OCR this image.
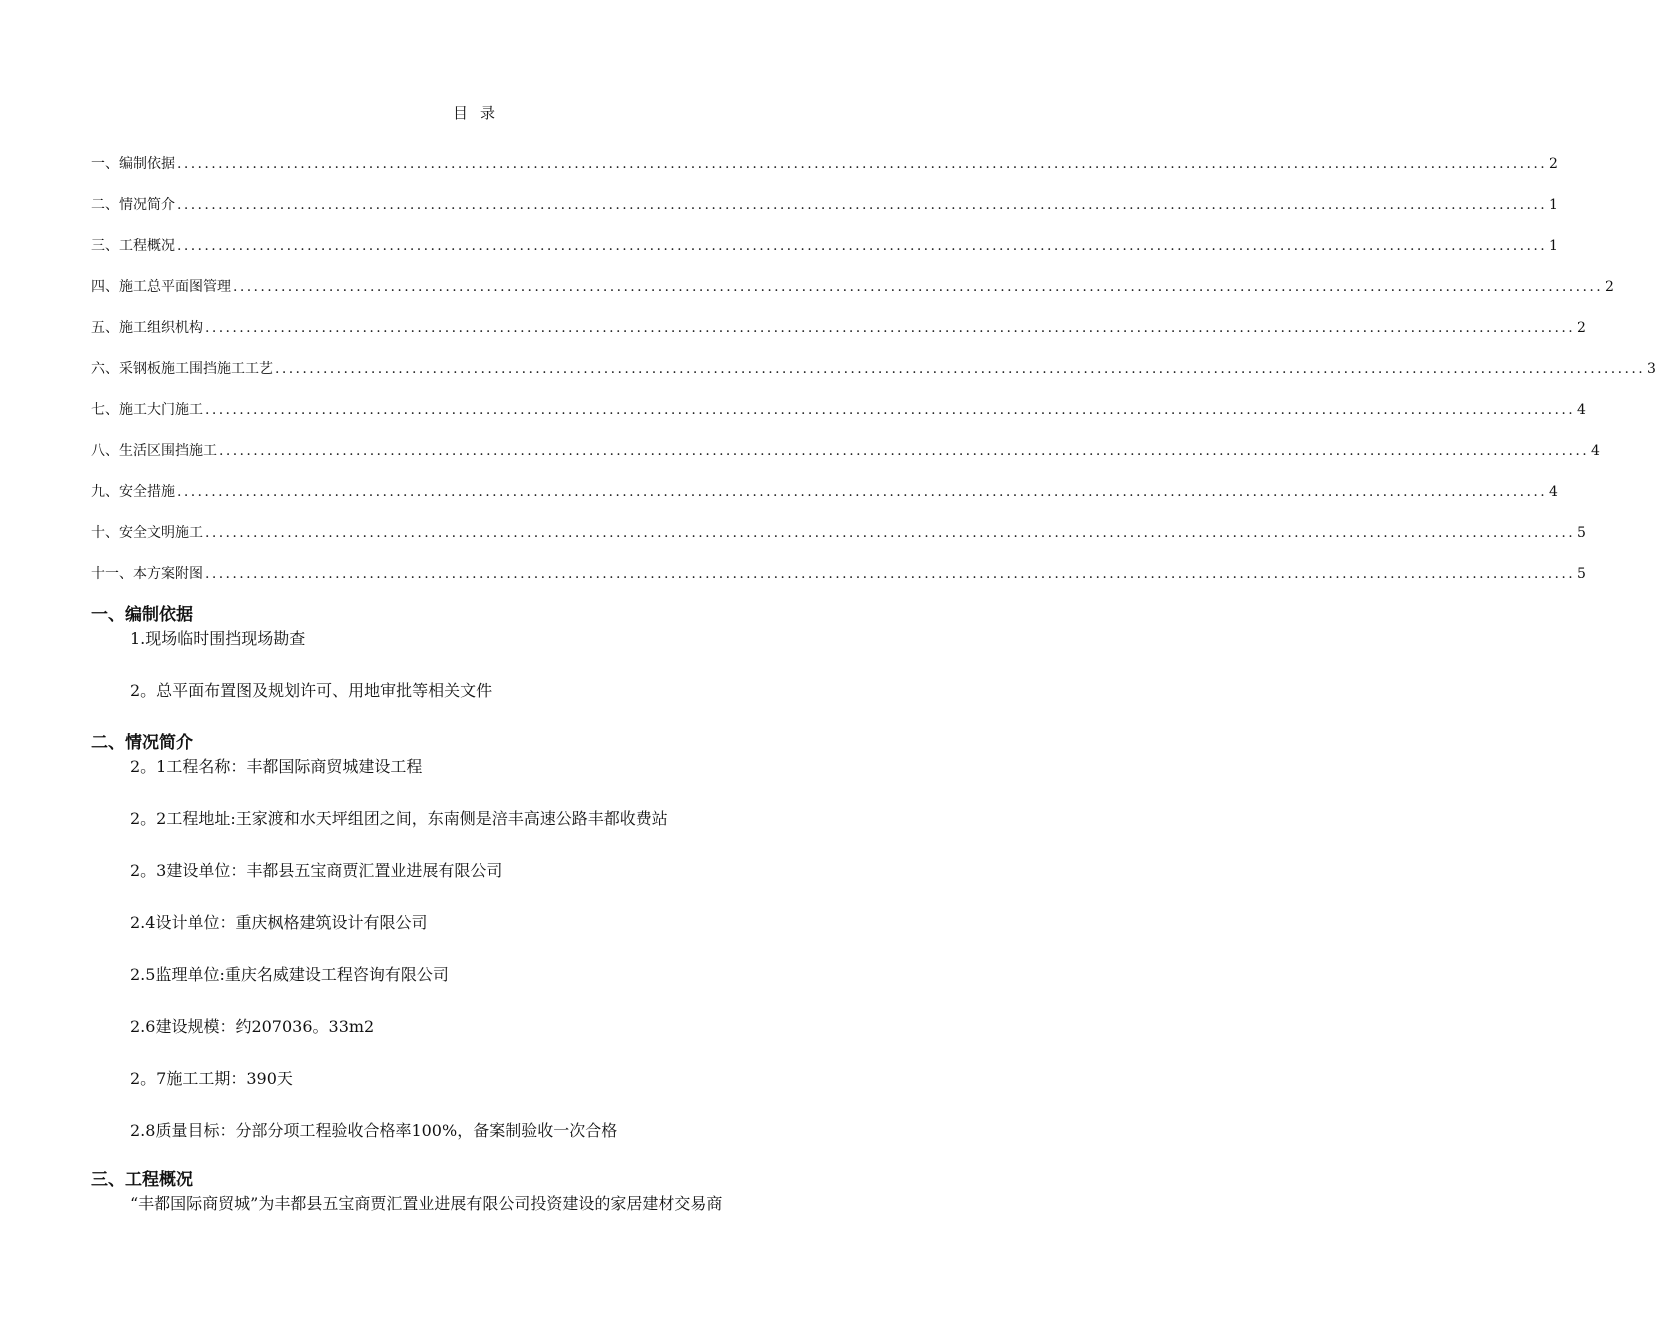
目 录
一、编制依据 ........................................................................................................................................................................................................ 2
二、情况简介 ........................................................................................................................................................................................................ 1
三、工程概况 ........................................................................................................................................................................................................ 1
四、施工总平面图管理 ........................................................................................................................................................................................................ 2
五、施工组织机构 ........................................................................................................................................................................................................ 2
六、采钢板施工围挡施工工艺 ........................................................................................................................................................................................................ 3
七、施工大门施工 ........................................................................................................................................................................................................ 4
八、生活区围挡施工 ........................................................................................................................................................................................................ 4
九、安全措施 ........................................................................................................................................................................................................ 4
十、安全文明施工 ........................................................................................................................................................................................................ 5
十一、本方案附图 ........................................................................................................................................................................................................ 5
一、编制依据

1.现场临时围挡现场勘查

2。总平面布置图及规划许可、用地审批等相关文件

二、情况简介

2。1工程名称：丰都国际商贸城建设工程

2。2工程地址:王家渡和水天坪组团之间，东南侧是涪丰高速公路丰都收费站

2。3建设单位：丰都县五宝商贾汇置业进展有限公司

2.4设计单位：重庆枫格建筑设计有限公司

2.5监理单位:重庆名威建设工程咨询有限公司

2.6建设规模：约207036。33m2

2。7施工工期：390天

2.8质量目标：分部分项工程验收合格率100%，备案制验收一次合格

三、工程概况

“丰都国际商贸城”为丰都县五宝商贾汇置业进展有限公司投资建设的家居建材交易商
